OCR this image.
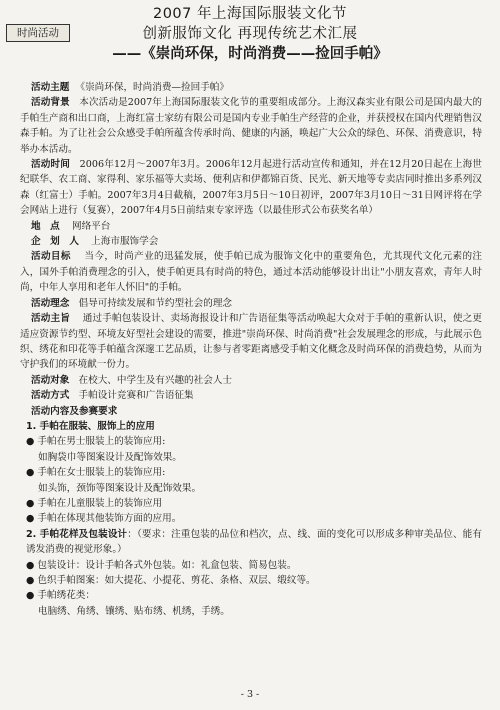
时尚活动
2007 年上海国际服装文化节
创新服饰文化 再现传统艺术汇展
——《崇尚环保，时尚消费——捡回手帕》

活动主题 《崇尚环保，时尚消费—捡回手帕》

活动背景 本次活动是2007年上海国际服装文化节的重要组成部分。上海汉森实业有限公司是国内最大的手帕生产商和出口商，上海红富士家纺有限公司是国内专业手帕生产经营的企业，并获授权在国内代理销售汉森手帕。为了让社会公众感受手帕所蕴含传承时尚、健康的内涵，唤起广大公众的绿色、环保、消费意识，特举办本活动。

活动时间 2006年12月～2007年3月。2006年12月起进行活动宣传和通知，并在12月20日起在上海世纪联华、农工商、家得利、家乐福等大卖场、便利店和伊都锦百货、民光、新天地等专卖店同时推出多系列汉森（红富士）手帕。2007年3月4日截稿，2007年3月5日～10日初评，2007年3月10日～31日网评将在学会网站上进行（复赛），2007年4月5日前结束专家评选（以最佳形式公布获奖名单）

地　点 网络平台

企　划　人 上海市服饰学会

活动目标 当今，时尚产业的迅猛发展，使手帕已成为服饰文化中的重要角色，尤其现代文化元素的注入，国外手帕消费理念的引入，使手帕更具有时尚的特色，通过本活动能够设计出让"小朋友喜欢，青年人时尚，中年人享用和老年人怀旧"的手帕。

活动理念 倡导可持续发展和节约型社会的理念

活动主旨 通过手帕包装设计、卖场海报设计和广告语征集等活动唤起大众对于手帕的重新认识，使之更适应资源节约型、环境友好型社会建设的需要，推进"崇尚环保、时尚消费"社会发展理念的形成，与此展示色织、绣花和印花等手帕蕴含深邃工艺品质，让参与者零距离感受手帕文化概念及时尚环保的消费趋势，从而为守护我们的环境献一份力。

活动对象 在校大、中学生及有兴趣的社会人士

活动方式 手帕设计竞赛和广告语征集

活动内容及参赛要求

1. 手帕在服装、服饰上的应用

● 手帕在男士服装上的装饰应用:

如胸袋巾等图案设计及配饰效果。

● 手帕在女士服装上的装饰应用:

如头饰，颈饰等图案设计及配饰效果。

● 手帕在儿童服装上的装饰应用

● 手帕在体现其他装饰方面的应用。

2. 手帕花样及包装设计：（要求：注重包装的品位和档次，点、线、面的变化可以形成多种审美品位、能有诱发消费的视觉形象。）

● 包装设计：设计手帕各式外包装。如：礼盒包装、简易包装。

● 色织手帕图案：如大提花、小提花、剪花、条格、双层、缎纹等。

● 手帕绣花类：

电脑绣、角绣、镶绣、贴布绣、机绣，手绣。

- 3 -
